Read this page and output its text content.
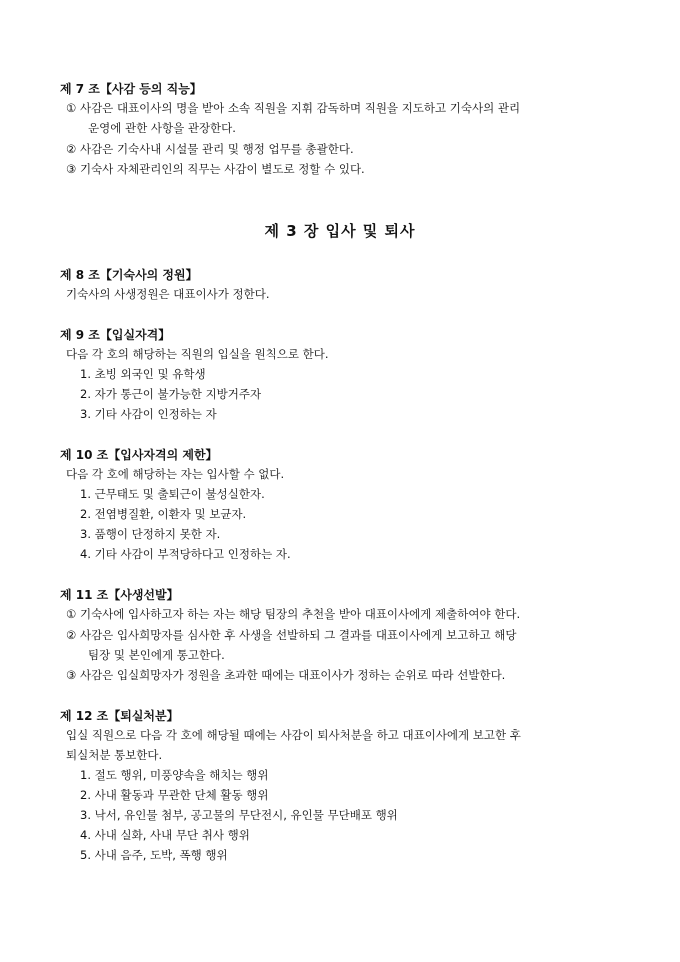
제 7 조【사감 등의 직능】
① 사감은 대표이사의 명을 받아 소속 직원을 지휘 감독하며 직원을 지도하고 기숙사의 관리
운영에 관한 사항을 관장한다.
② 사감은 기숙사내 시설물 관리 및 행정 업무를 총괄한다.
③ 기숙사 자체관리인의 직무는 사감이 별도로 정할 수 있다.
제 3 장 입사 및 퇴사
제 8 조【기숙사의 정원】
기숙사의 사생정원은 대표이사가 정한다.
제 9 조【입실자격】
다음 각 호의 해당하는 직원의 입실을 원칙으로 한다.
1. 초빙 외국인 및 유학생
2. 자가 통근이 불가능한 지방거주자
3. 기타 사감이 인정하는 자
제 10 조【입사자격의 제한】
다음 각 호에 해당하는 자는 입사할 수 없다.
1. 근무태도 및 출퇴근이 불성실한자.
2. 전염병질환, 이환자 및 보균자.
3. 품행이 단정하지 못한 자.
4. 기타 사감이 부적당하다고 인정하는 자.
제 11 조【사생선발】
① 기숙사에 입사하고자 하는 자는 해당 팀장의 추천을 받아 대표이사에게 제출하여야 한다.
② 사감은 입사희망자를 심사한 후 사생을 선발하되 그 결과를 대표이사에게 보고하고 해당
팀장 및 본인에게 통고한다.
③ 사감은 입실희망자가 정원을 초과한 때에는 대표이사가 정하는 순위로 따라 선발한다.
제 12 조【퇴실처분】
입실 직원으로 다음 각 호에 해당될 때에는 사감이 퇴사처분을 하고 대표이사에게 보고한 후
퇴실처분 통보한다.
1. 절도 행위, 미풍양속을 해치는 행위
2. 사내 활동과 무관한 단체 활동 행위
3. 낙서, 유인물 첨부, 공고물의 무단전시, 유인물 무단배포 행위
4. 사내 실화, 사내 무단 취사 행위
5. 사내 음주, 도박, 폭행 행위
